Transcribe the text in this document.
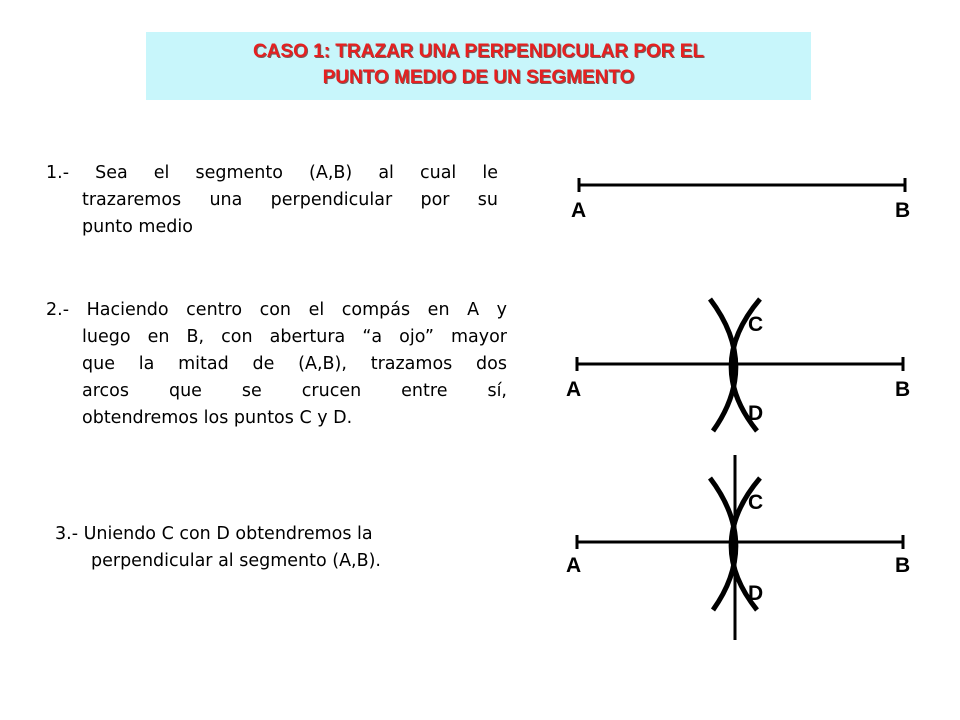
CASO 1: TRAZAR UNA PERPENDICULAR POR EL
PUNTO MEDIO DE UN SEGMENTO
1.- Sea el segmento (A,B) al cual le
trazaremos una perpendicular por su
punto medio
2.- Haciendo centro con el compás en A y
luego en B, con abertura “a ojo” mayor
que la mitad de (A,B), trazamos dos
arcos que se crucen entre sí,
obtendremos los puntos C y D.
3.- Uniendo C con D obtendremos la
perpendicular al segmento (A,B).
A	B
A	B
C
D
A	B
C
D
